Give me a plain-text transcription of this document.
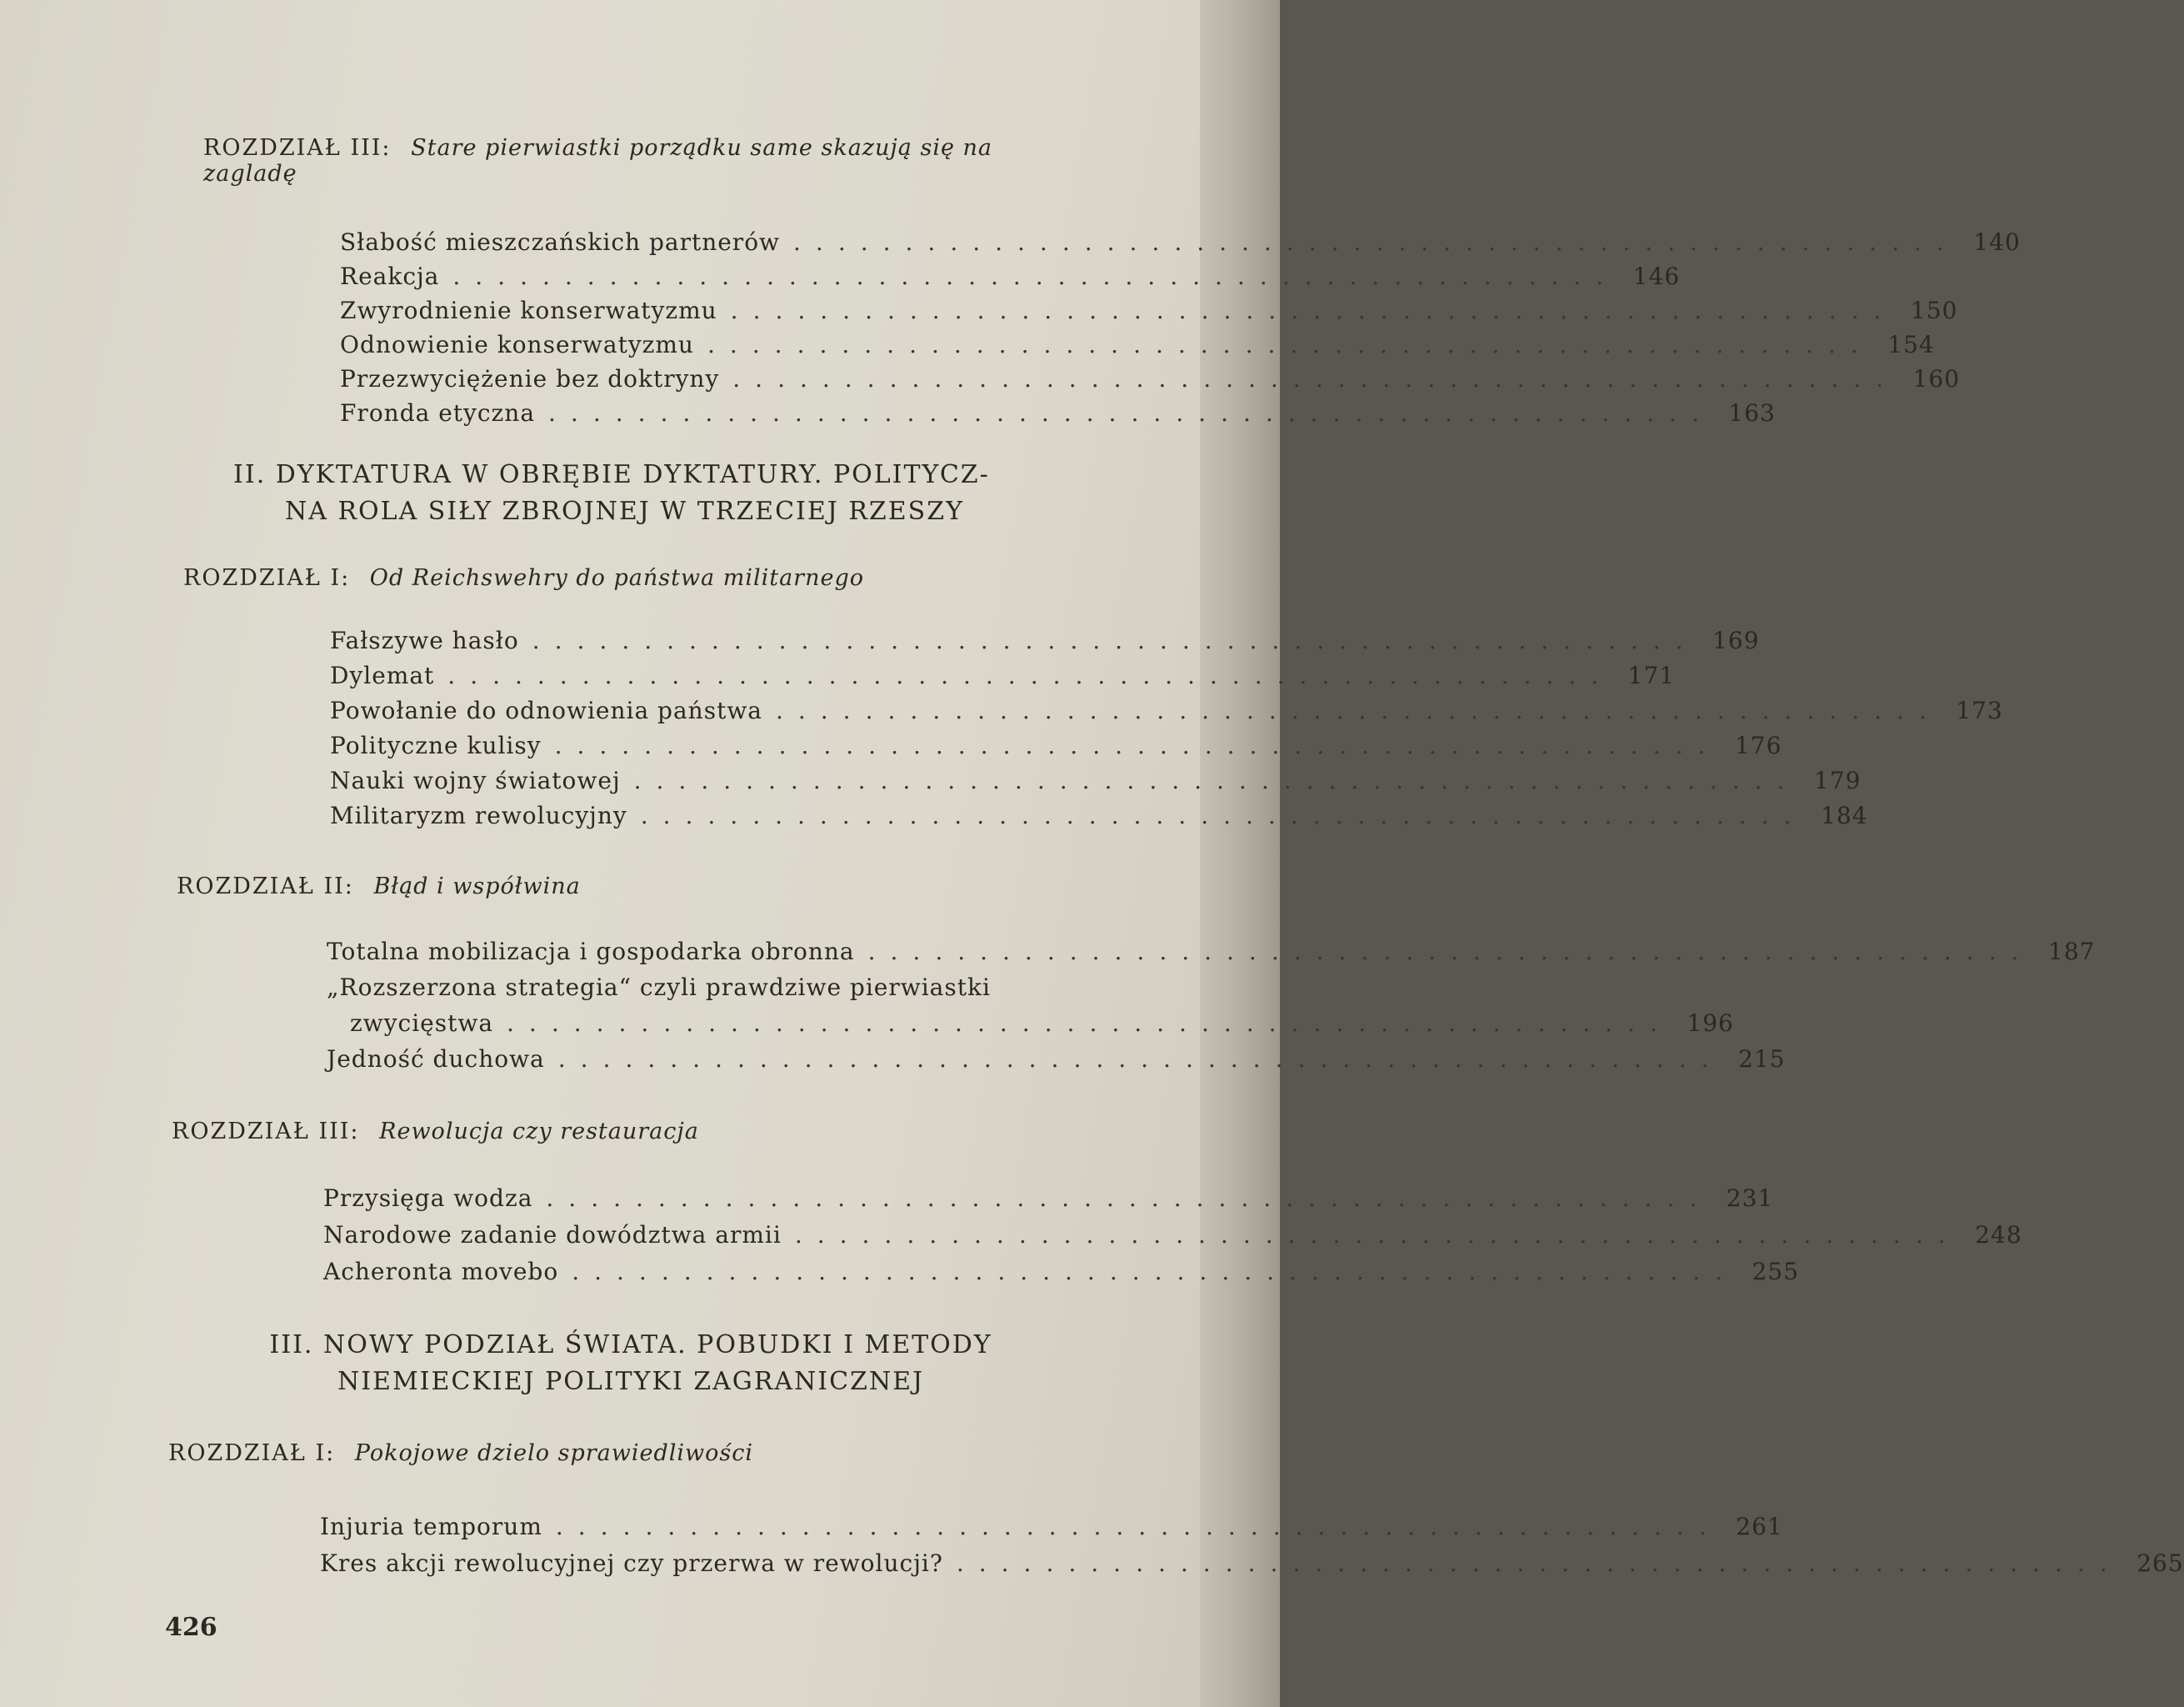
ROZDZIAŁ III: Stare pierwiastki porządku same skazują się na zagladę
Słabość mieszczańskich partnerów .................................................... 140
Reakcja .................................................... 146
Zwyrodnienie konserwatyzmu .................................................... 150
Odnowienie konserwatyzmu .................................................... 154
Przezwyciężenie bez doktryny .................................................... 160
Fronda etyczna .................................................... 163
II. DYKTATURA W OBRĘBIE DYKTATURY. POLITYCZ-
NA ROLA SIŁY ZBROJNEJ W TRZECIEJ RZESZY
ROZDZIAŁ I: Od Reichswehry do państwa militarnego
Fałszywe hasło .................................................... 169
Dylemat .................................................... 171
Powołanie do odnowienia państwa .................................................... 173
Polityczne kulisy .................................................... 176
Nauki wojny światowej .................................................... 179
Militaryzm rewolucyjny .................................................... 184
ROZDZIAŁ II: Błąd i współwina
Totalna mobilizacja i gospodarka obronna .................................................... 187
„Rozszerzona strategia“ czyli prawdziwe pierwiastki
zwycięstwa .................................................... 196
Jedność duchowa .................................................... 215
ROZDZIAŁ III: Rewolucja czy restauracja
Przysięga wodza .................................................... 231
Narodowe zadanie dowództwa armii .................................................... 248
Acheronta movebo .................................................... 255
III. NOWY PODZIAŁ ŚWIATA. POBUDKI I METODY
NIEMIECKIEJ POLITYKI ZAGRANICZNEJ
ROZDZIAŁ I: Pokojowe dzielo sprawiedliwości
Injuria temporum .................................................... 261
Kres akcji rewolucyjnej czy przerwa w rewolucji? .................................................... 265
426
